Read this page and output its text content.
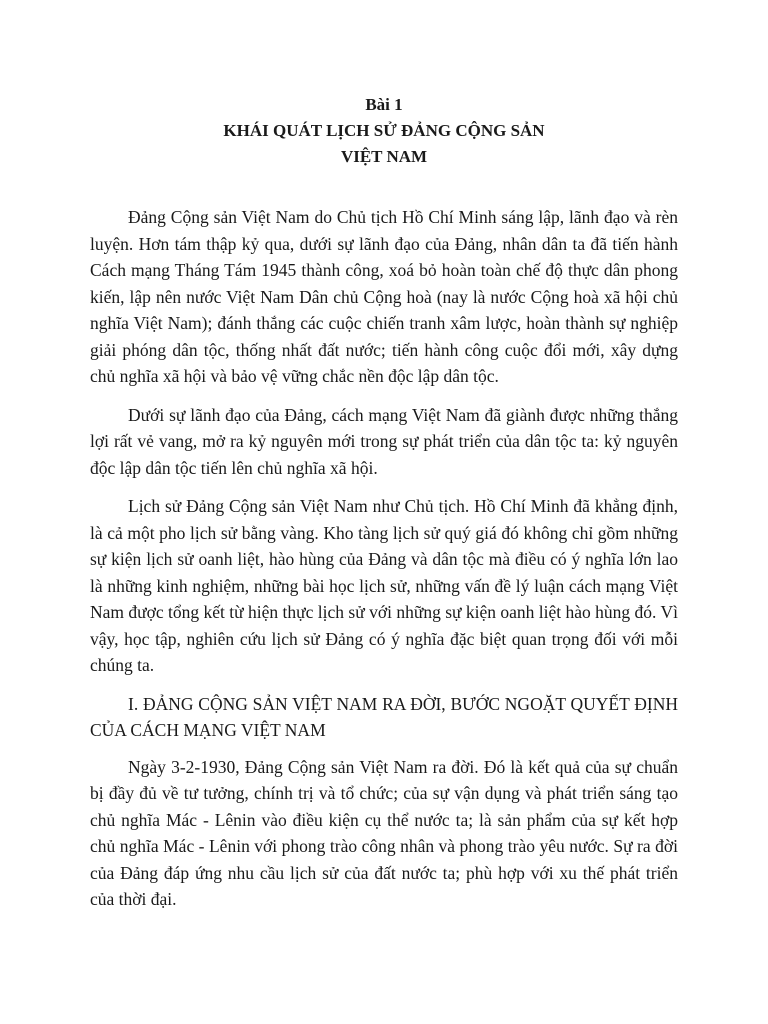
Bài 1
KHÁI QUÁT LỊCH SỬ ĐẢNG CỘNG SẢN
VIỆT NAM

Đảng Cộng sản Việt Nam do Chủ tịch Hồ Chí Minh sáng lập, lãnh đạo và rèn luyện. Hơn tám thập kỷ qua, dưới sự lãnh đạo của Đảng, nhân dân ta đã tiến hành Cách mạng Tháng Tám 1945 thành công, xoá bỏ hoàn toàn chế độ thực dân phong kiến, lập nên nước Việt Nam Dân chủ Cộng hoà (nay là nước Cộng hoà xã hội chủ nghĩa Việt Nam); đánh thắng các cuộc chiến tranh xâm lược, hoàn thành sự nghiệp giải phóng dân tộc, thống nhất đất nước; tiến hành công cuộc đổi mới, xây dựng chủ nghĩa xã hội và bảo vệ vững chắc nền độc lập dân tộc.

Dưới sự lãnh đạo của Đảng, cách mạng Việt Nam đã giành được những thắng lợi rất vẻ vang, mở ra kỷ nguyên mới trong sự phát triển của dân tộc ta: kỷ nguyên độc lập dân tộc tiến lên chủ nghĩa xã hội.

Lịch sử Đảng Cộng sản Việt Nam như Chủ tịch. Hồ Chí Minh đã khẳng định, là cả một pho lịch sử bằng vàng. Kho tàng lịch sử quý giá đó không chỉ gồm những sự kiện lịch sử oanh liệt, hào hùng của Đảng và dân tộc mà điều có ý nghĩa lớn lao là những kinh nghiệm, những bài học lịch sử, những vấn đề lý luận cách mạng Việt Nam được tổng kết từ hiện thực lịch sử với những sự kiện oanh liệt hào hùng đó. Vì vậy, học tập, nghiên cứu lịch sử Đảng có ý nghĩa đặc biệt quan trọng đối với mỗi chúng ta.

I. ĐẢNG CỘNG SẢN VIỆT NAM RA ĐỜI, BƯỚC NGOẶT QUYẾT ĐỊNH CỦA CÁCH MẠNG VIỆT NAM

Ngày 3-2-1930, Đảng Cộng sản Việt Nam ra đời. Đó là kết quả của sự chuẩn bị đầy đủ về tư tưởng, chính trị và tổ chức; của sự vận dụng và phát triển sáng tạo chủ nghĩa Mác - Lênin vào điều kiện cụ thể nước ta; là sản phẩm của sự kết hợp chủ nghĩa Mác - Lênin với phong trào công nhân và phong trào yêu nước. Sự ra đời của Đảng đáp ứng nhu cầu lịch sử của đất nước ta; phù hợp với xu thế phát triển của thời đại.
